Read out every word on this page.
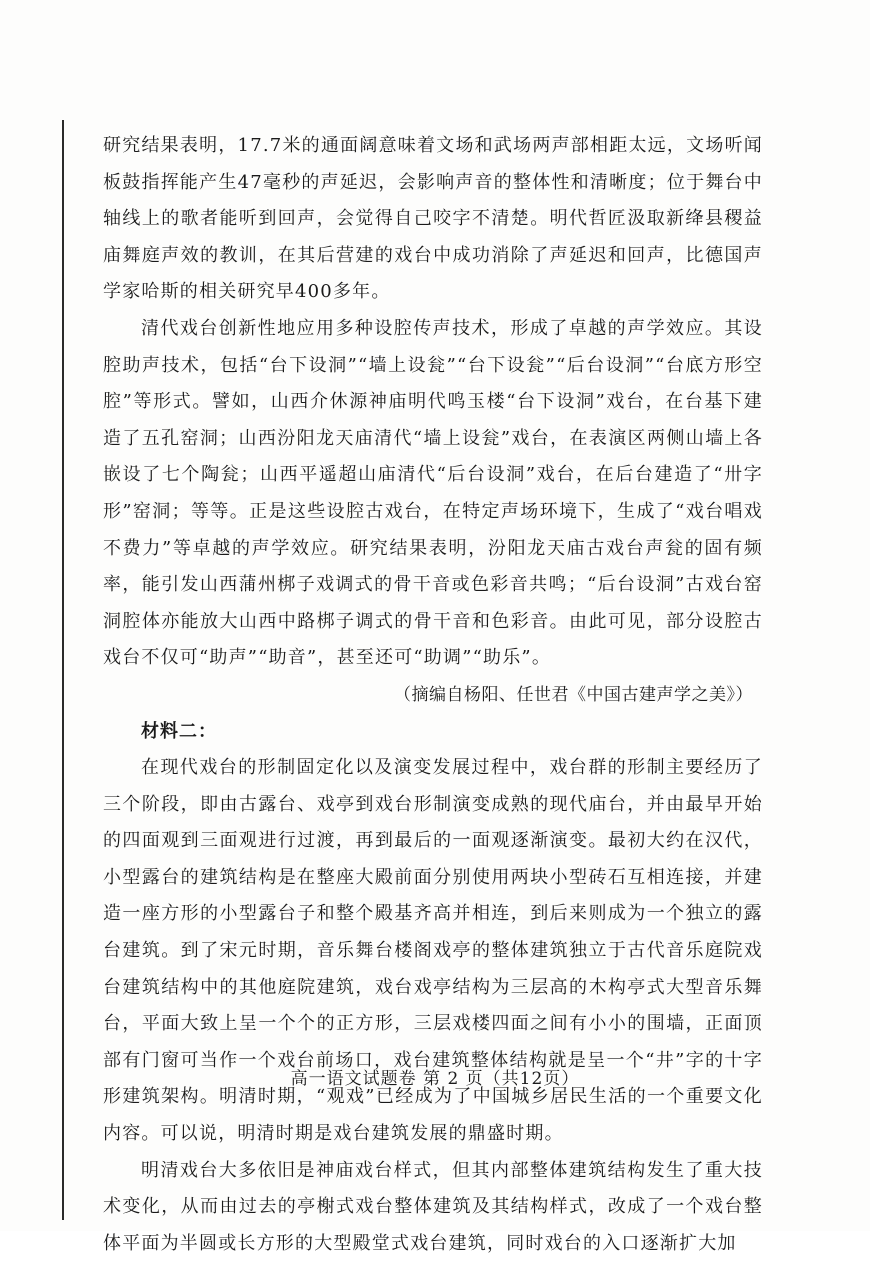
研究结果表明，17.7米的通面阔意味着文场和武场两声部相距太远，文场听闻板鼓指挥能产生47毫秒的声延迟，会影响声音的整体性和清晰度；位于舞台中轴线上的歌者能听到回声，会觉得自己咬字不清楚。明代哲匠汲取新绛县稷益庙舞庭声效的教训，在其后营建的戏台中成功消除了声延迟和回声，比德国声学家哈斯的相关研究早400多年。

清代戏台创新性地应用多种设腔传声技术，形成了卓越的声学效应。其设腔助声技术，包括“台下设洞”“墙上设瓮”“台下设瓮”“后台设洞”“台底方形空腔”等形式。譬如，山西介休源神庙明代鸣玉楼“台下设洞”戏台，在台基下建造了五孔窑洞；山西汾阳龙天庙清代“墙上设瓮”戏台，在表演区两侧山墙上各嵌设了七个陶瓮；山西平遥超山庙清代“后台设洞”戏台，在后台建造了“卅字形”窑洞；等等。正是这些设腔古戏台，在特定声场环境下，生成了“戏台唱戏不费力”等卓越的声学效应。研究结果表明，汾阳龙天庙古戏台声瓮的固有频率，能引发山西蒲州梆子戏调式的骨干音或色彩音共鸣；“后台设洞”古戏台窑洞腔体亦能放大山西中路梆子调式的骨干音和色彩音。由此可见，部分设腔古戏台不仅可“助声”“助音”，甚至还可“助调”“助乐”。

（摘编自杨阳、任世君《中国古建声学之美》）

材料二：

在现代戏台的形制固定化以及演变发展过程中，戏台群的形制主要经历了三个阶段，即由古露台、戏亭到戏台形制演变成熟的现代庙台，并由最早开始的四面观到三面观进行过渡，再到最后的一面观逐渐演变。最初大约在汉代，小型露台的建筑结构是在整座大殿前面分别使用两块小型砖石互相连接，并建造一座方形的小型露台子和整个殿基齐高并相连，到后来则成为一个独立的露台建筑。到了宋元时期，音乐舞台楼阁戏亭的整体建筑独立于古代音乐庭院戏台建筑结构中的其他庭院建筑，戏台戏亭结构为三层高的木构亭式大型音乐舞台，平面大致上呈一个个的正方形，三层戏楼四面之间有小小的围墙，正面顶部有门窗可当作一个戏台前场口，戏台建筑整体结构就是呈一个“井”字的十字形建筑架构。明清时期，“观戏”已经成为了中国城乡居民生活的一个重要文化内容。可以说，明清时期是戏台建筑发展的鼎盛时期。

明清戏台大多依旧是神庙戏台样式，但其内部整体建筑结构发生了重大技术变化，从而由过去的亭榭式戏台整体建筑及其结构样式，改成了一个戏台整体平面为半圆或长方形的大型殿堂式戏台建筑，同时戏台的入口逐渐扩大加

高一语文试题卷 第 2 页（共12页）
